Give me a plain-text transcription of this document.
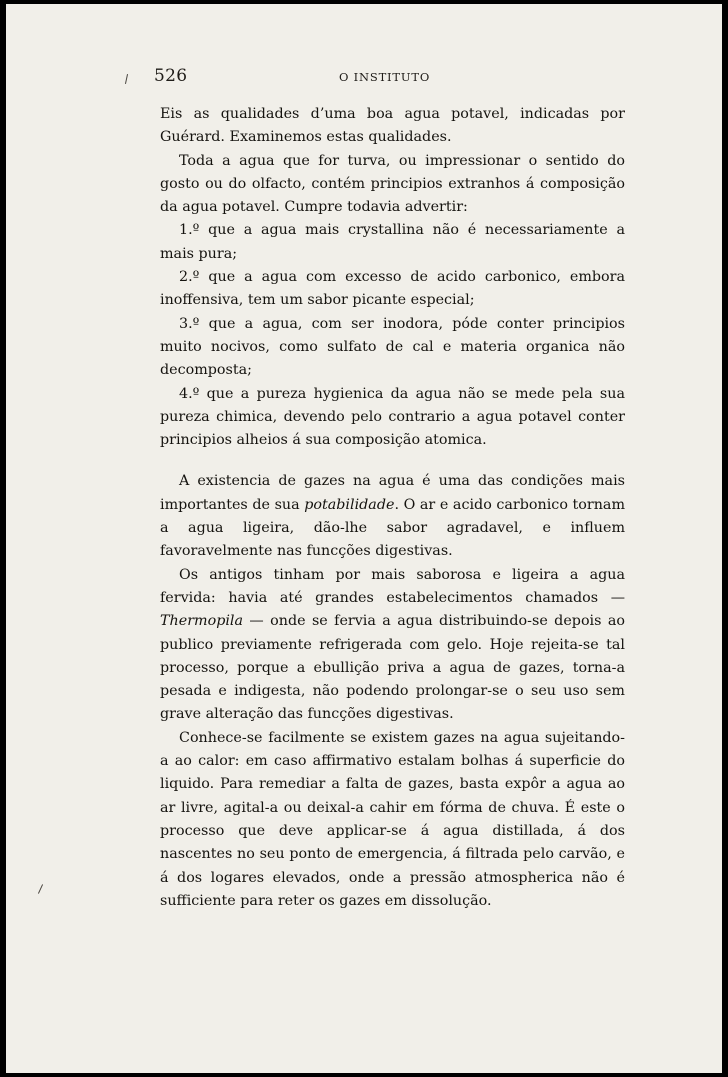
526	O INSTITUTO

Eis as qualidades d’uma boa agua potavel, indicadas por Guérard. Examinemos estas qualidades.

Toda a agua que for turva, ou impressionar o sentido do gosto ou do olfacto, contém principios extranhos á composição da agua potavel. Cumpre todavia advertir:

1.º que a agua mais crystallina não é necessariamente a mais pura;

2.º que a agua com excesso de acido carbonico, embora inoffensiva, tem um sabor picante especial;

3.º que a agua, com ser inodora, póde conter principios muito nocivos, como sulfato de cal e materia organica não decomposta;

4.º que a pureza hygienica da agua não se mede pela sua pureza chimica, devendo pelo contrario a agua potavel conter principios alheios á sua composição atomica.

A existencia de gazes na agua é uma das condições mais importantes de sua potabilidade. O ar e acido carbonico tornam a agua ligeira, dão-lhe sabor agradavel, e influem favoravelmente nas funcções digestivas.

Os antigos tinham por mais saborosa e ligeira a agua fervida: havia até grandes estabelecimentos chamados — Thermopila — onde se fervia a agua distribuindo-se depois ao publico previamente refrigerada com gelo. Hoje rejeita-se tal processo, porque a ebullição priva a agua de gazes, torna-a pesada e indigesta, não podendo prolongar-se o seu uso sem grave alteração das funcções digestivas.

Conhece-se facilmente se existem gazes na agua sujeitando-a ao calor: em caso affirmativo estalam bolhas á superficie do liquido. Para remediar a falta de gazes, basta expôr a agua ao ar livre, agital-a ou deixal-a cahir em fórma de chuva. É este o processo que deve applicar-se á agua distillada, á dos nascentes no seu ponto de emergencia, á filtrada pelo carvão, e á dos logares elevados, onde a pressão atmospherica não é sufficiente para reter os gazes em dissolução.
